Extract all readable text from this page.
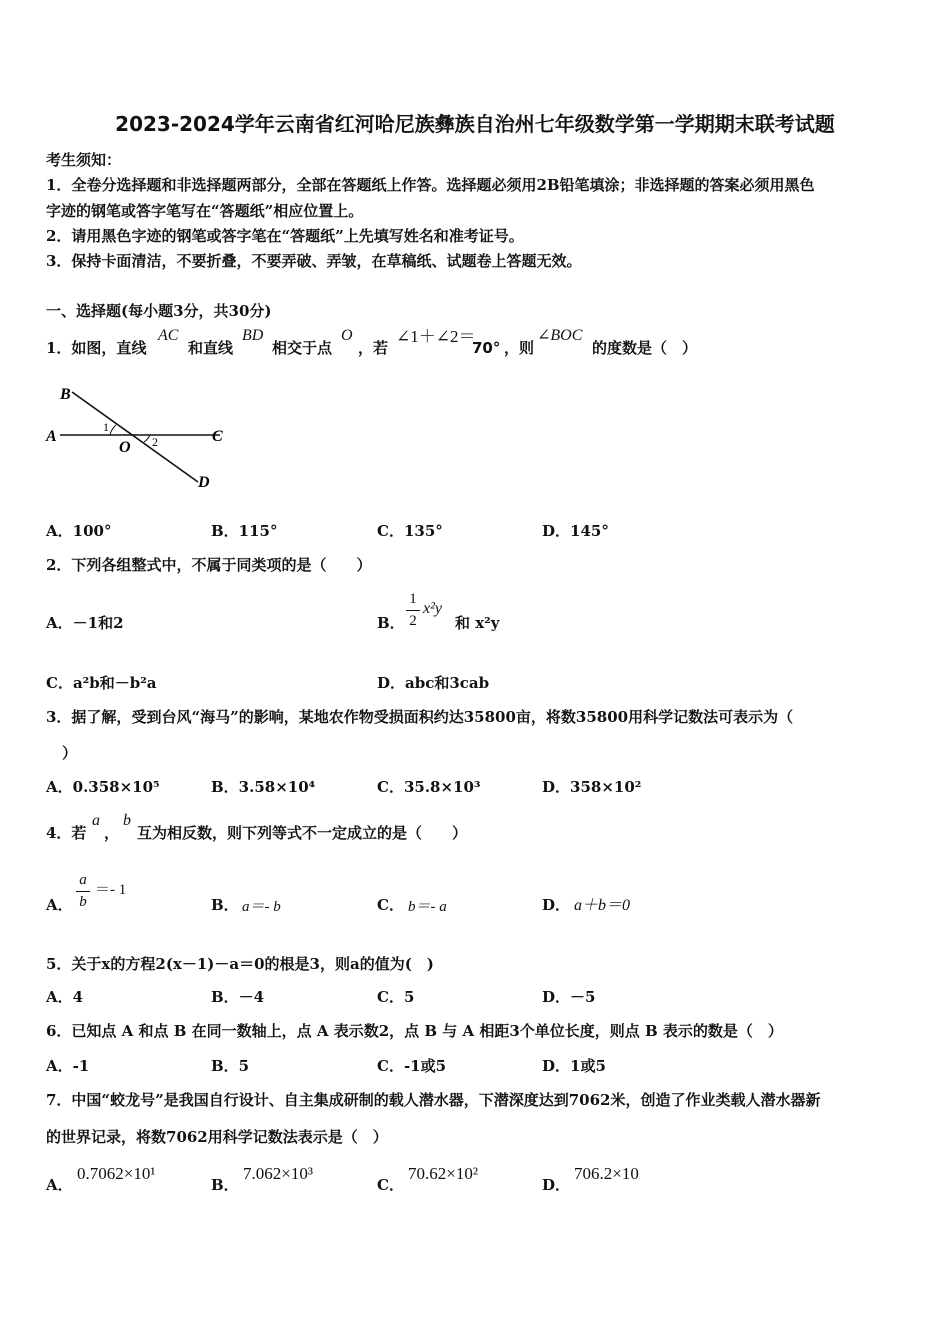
2023-2024学年云南省红河哈尼族彝族自治州七年级数学第一学期期末联考试题
考生须知：
1．全卷分选择题和非选择题两部分，全部在答题纸上作答。选择题必须用2B铅笔填涂；非选择题的答案必须用黑色
字迹的钢笔或答字笔写在“答题纸”相应位置上。
2．请用黑色字迹的钢笔或答字笔在“答题纸”上先填写姓名和准考证号。
3．保持卡面清洁，不要折叠，不要弄破、弄皱，在草稿纸、试题卷上答题无效。
一、选择题(每小题3分，共30分)
1．如图，直线
AC
和直线
BD
相交于点
O
，若
∠1＋∠2＝
70° ，则
∠BOC
的度数是（　）
B
A	C
D
O
1
2
A．100°	B．115°	C．135°	D．145°
2．下列各组整式中，不属于同类项的是（　　）
A．－1和2	B．
1
2
x²y
和 x²y
C．a²b和－b²a	D．abc和3cab
3．据了解，受到台风“海马”的影响，某地农作物受损面积约达35800亩，将数35800用科学记数法可表示为（
）
A．0.358×10⁵	B．3.58×10⁴	C．35.8×10³	D．358×10²
4．若
a
，
b
互为相反数，则下列等式不一定成立的是（　　）
A．
a
b
＝- 1
B． a＝- b	C． b＝- a	D． a＋b＝0
5．关于x的方程2(x－1)－a＝0的根是3，则a的值为(　)
A．4	B．－4	C．5	D．－5
6．已知点 A 和点 B 在同一数轴上，点 A 表示数2，点 B 与 A 相距3个单位长度，则点 B 表示的数是（　）
A．-1	B．5	C．-1或5	D．1或5
7．中国“蛟龙号”是我国自行设计、自主集成研制的载人潜水器，下潜深度达到7062米，创造了作业类载人潜水器新
的世界记录，将数7062用科学记数法表示是（　）
A．
0.7062×10¹
B．
7.062×10³
C．
70.62×10²
D．
706.2×10
